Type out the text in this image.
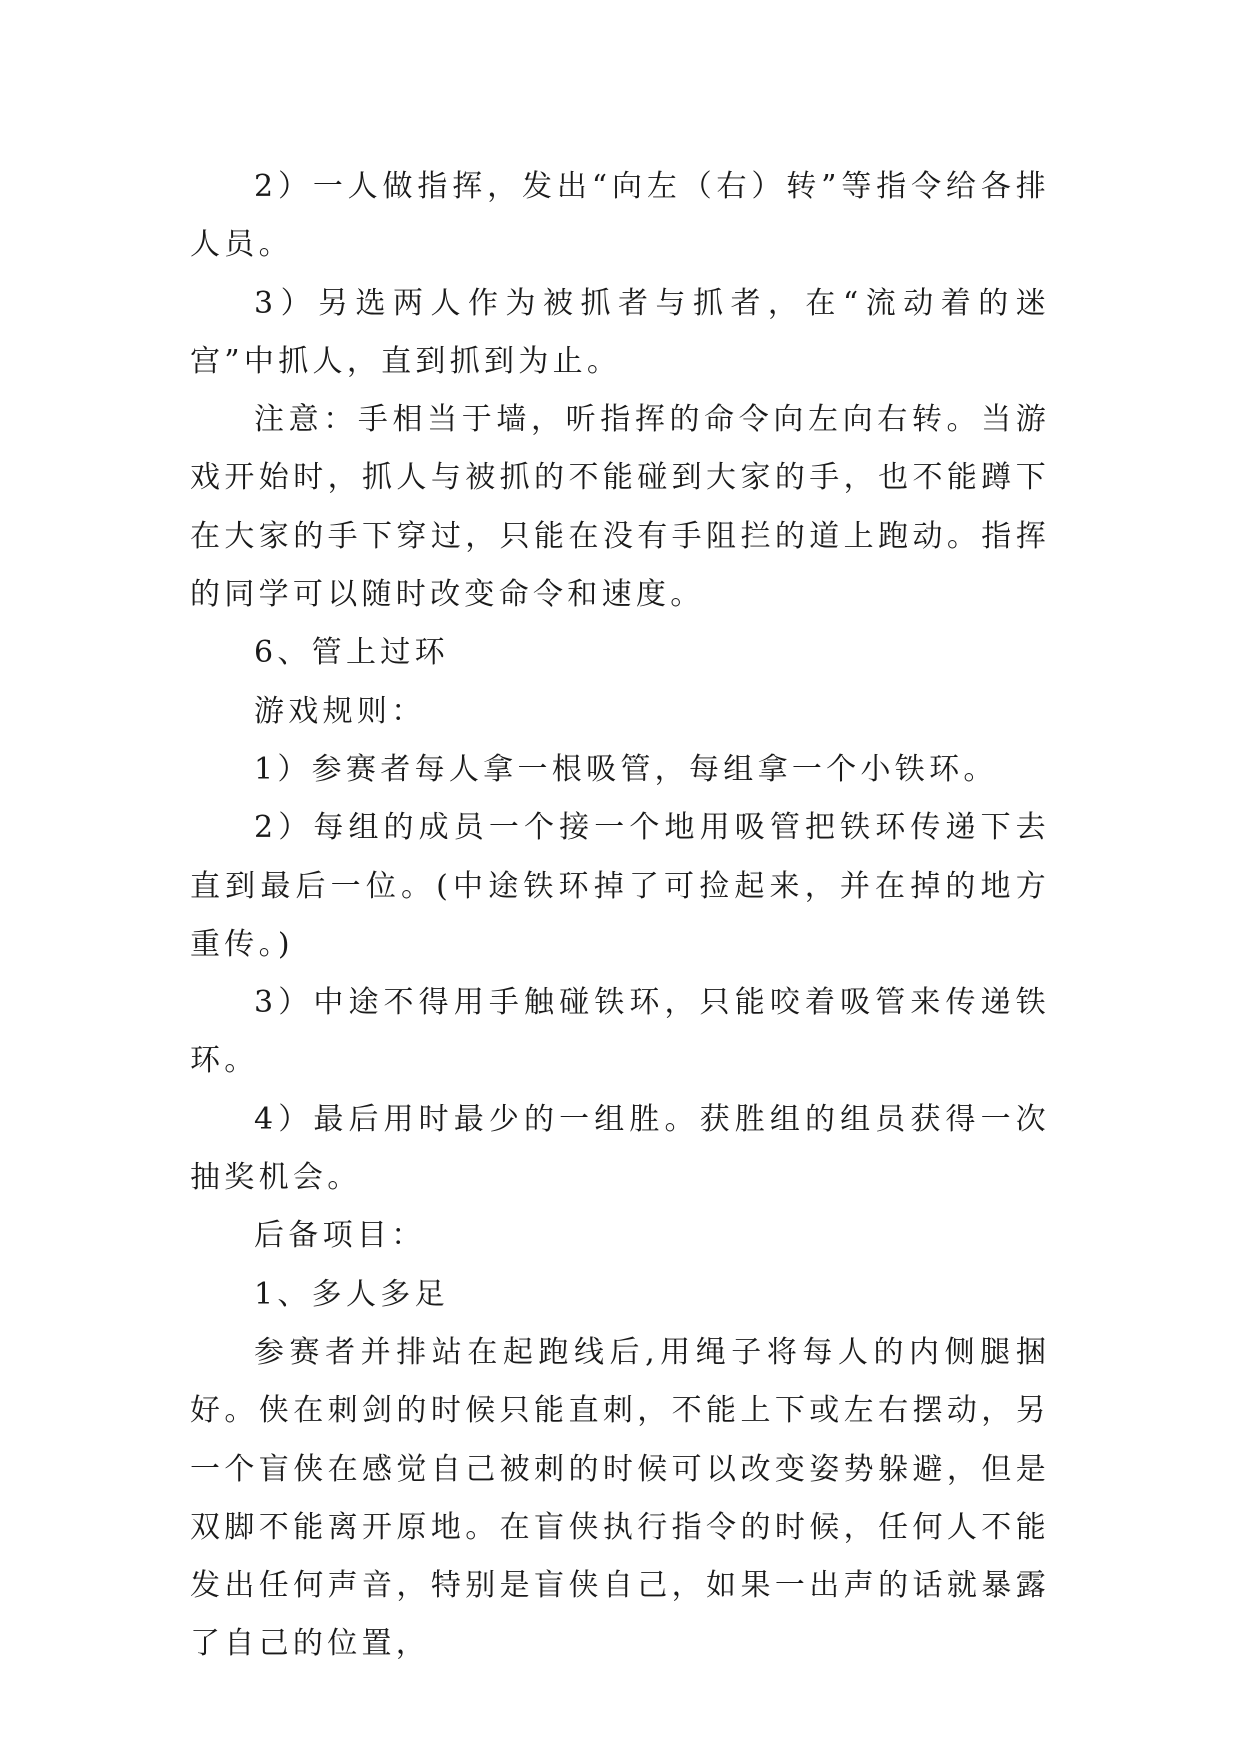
2）一人做指挥，发出“向左（右）转”等指令给各排人员。

3）另选两人作为被抓者与抓者，在“流动着的迷宫”中抓人，直到抓到为止。

注意：手相当于墙，听指挥的命令向左向右转。当游戏开始时，抓人与被抓的不能碰到大家的手，也不能蹲下在大家的手下穿过，只能在没有手阻拦的道上跑动。指挥的同学可以随时改变命令和速度。

6、管上过环

游戏规则：

1）参赛者每人拿一根吸管，每组拿一个小铁环。

2）每组的成员一个接一个地用吸管把铁环传递下去直到最后一位。(中途铁环掉了可捡起来，并在掉的地方重传。)

3）中途不得用手触碰铁环，只能咬着吸管来传递铁环。

4）最后用时最少的一组胜。获胜组的组员获得一次抽奖机会。

后备项目：

1、多人多足

参赛者并排站在起跑线后,用绳子将每人的内侧腿捆好。侠在刺剑的时候只能直刺，不能上下或左右摆动，另一个盲侠在感觉自己被刺的时候可以改变姿势躲避，但是双脚不能离开原地。在盲侠执行指令的时候，任何人不能发出任何声音，特别是盲侠自己，如果一出声的话就暴露了自己的位置，
